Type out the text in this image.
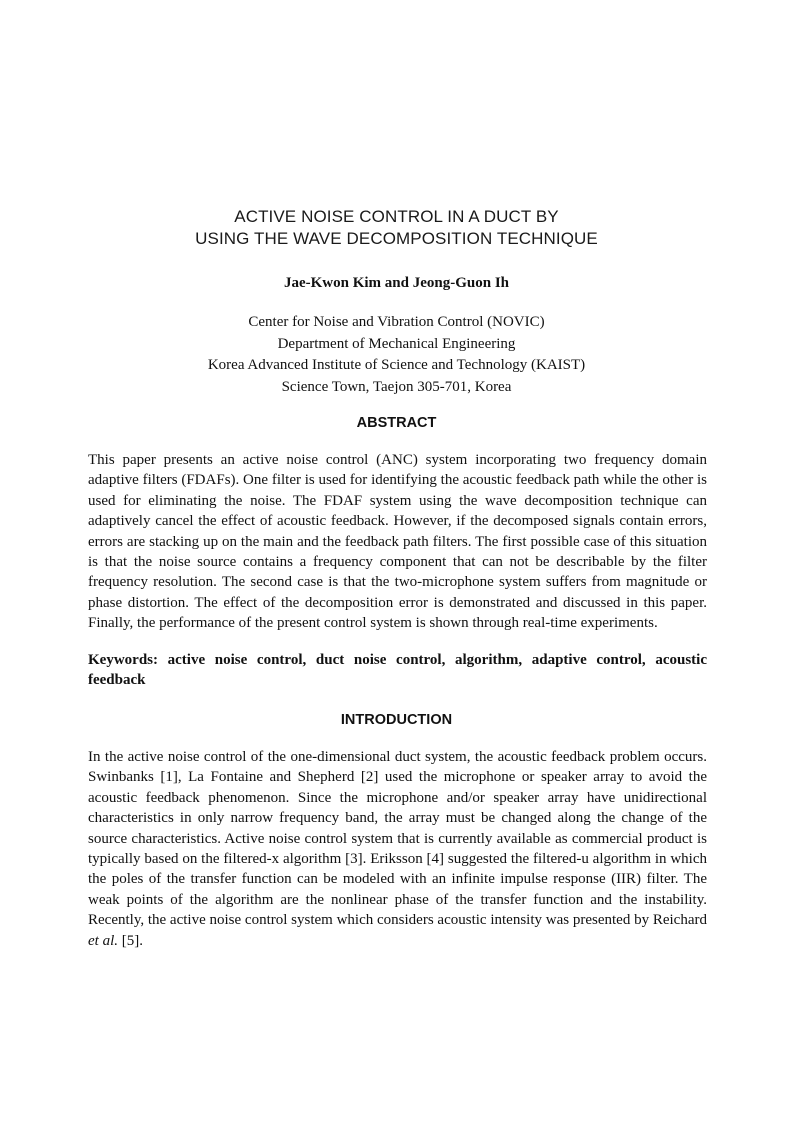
ACTIVE NOISE CONTROL IN A DUCT BY
USING THE WAVE DECOMPOSITION TECHNIQUE
Jae-Kwon Kim and Jeong-Guon Ih
Center for Noise and Vibration Control (NOVIC)
Department of Mechanical Engineering
Korea Advanced Institute of Science and Technology (KAIST)
Science Town, Taejon 305-701, Korea
ABSTRACT

This paper presents an active noise control (ANC) system incorporating two frequency domain adaptive filters (FDAFs). One filter is used for identifying the acoustic feedback path while the other is used for eliminating the noise. The FDAF system using the wave decomposition technique can adaptively cancel the effect of acoustic feedback. However, if the decomposed signals contain errors, errors are stacking up on the main and the feedback path filters. The first possible case of this situation is that the noise source contains a frequency component that can not be describable by the filter frequency resolution. The second case is that the two-microphone system suffers from magnitude or phase distortion. The effect of the decomposition error is demonstrated and discussed in this paper. Finally, the performance of the present control system is shown through real-time experiments.

Keywords: active noise control, duct noise control, algorithm, adaptive control, acoustic feedback

INTRODUCTION

In the active noise control of the one-dimensional duct system, the acoustic feedback problem occurs. Swinbanks [1], La Fontaine and Shepherd [2] used the microphone or speaker array to avoid the acoustic feedback phenomenon. Since the microphone and/or speaker array have unidirectional characteristics in only narrow frequency band, the array must be changed along the change of the source characteristics. Active noise control system that is currently available as commercial product is typically based on the filtered-x algorithm [3]. Eriksson [4] suggested the filtered-u algorithm in which the poles of the transfer function can be modeled with an infinite impulse response (IIR) filter. The weak points of the algorithm are the nonlinear phase of the transfer function and the instability. Recently, the active noise control system which considers acoustic intensity was presented by Reichard et al. [5].
